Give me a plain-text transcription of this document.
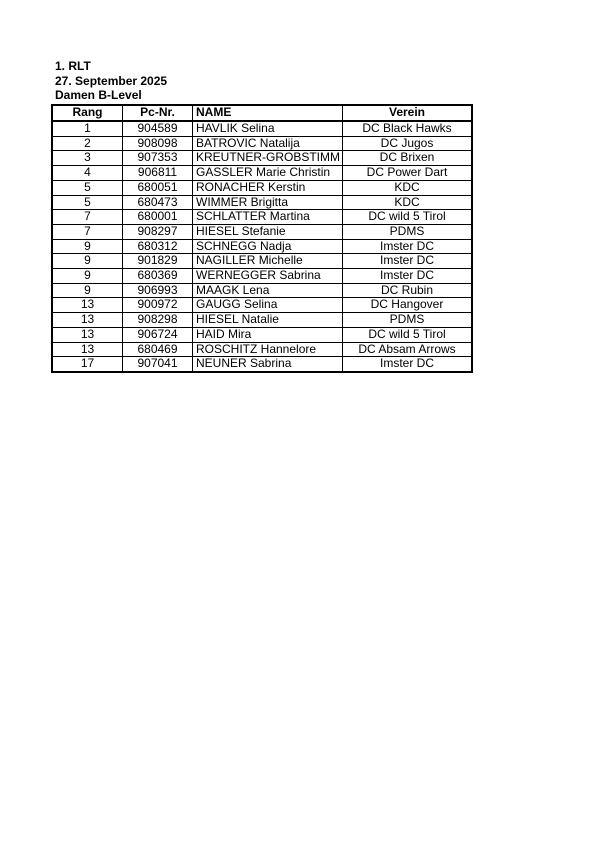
1. RLT
27. September 2025
Damen B-Level
Rang	Pc-Nr.	NAME	Verein
1	904589	HAVLIK Selina	DC Black Hawks
2	908098	BATROVIC Natalija	DC Jugos
3	907353	KREUTNER-GROBSTIMM	DC Brixen
4	906811	GASSLER Marie Christin	DC Power Dart
5	680051	RONACHER Kerstin	KDC
5	680473	WIMMER Brigitta	KDC
7	680001	SCHLATTER Martina	DC wild 5 Tirol
7	908297	HIESEL Stefanie	PDMS
9	680312	SCHNEGG Nadja	Imster DC
9	901829	NAGILLER Michelle	Imster DC
9	680369	WERNEGGER Sabrina	Imster DC
9	906993	MAAGK Lena	DC Rubin
13	900972	GAUGG Selina	DC Hangover
13	908298	HIESEL Natalie	PDMS
13	906724	HAID Mira	DC wild 5 Tirol
13	680469	ROSCHITZ Hannelore	DC Absam Arrows
17	907041	NEUNER Sabrina	Imster DC
